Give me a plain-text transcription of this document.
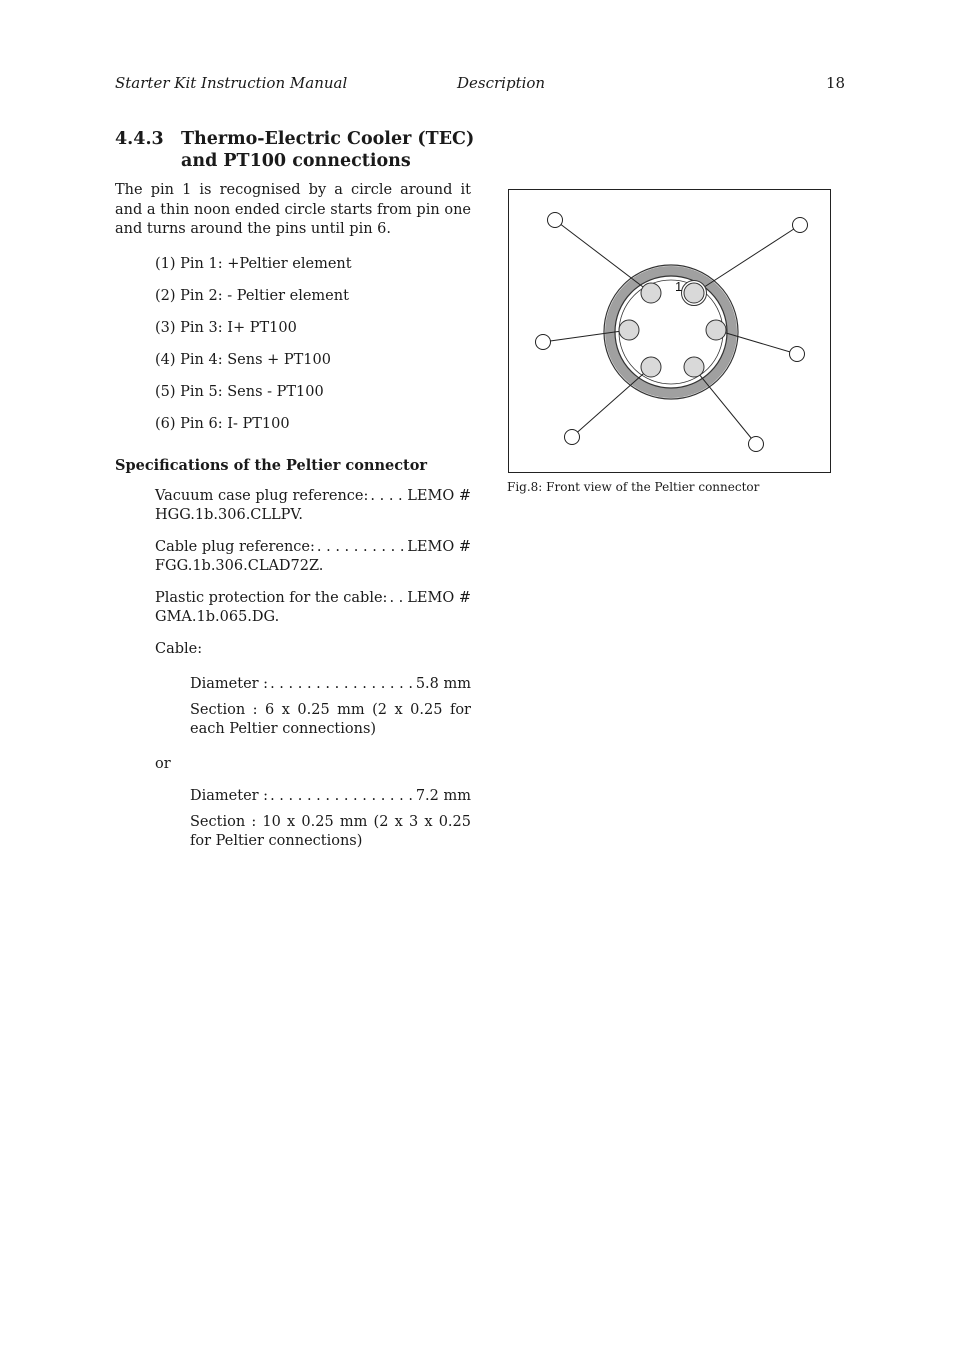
Starter Kit Instruction Manual	Description	18
4.4.3 Thermo-Electric Cooler (TEC) and PT100 connections
The pin 1 is recognised by a circle around it and a thin noon ended circle starts from pin one and turns around the pins until pin 6.
(1) Pin 1: +Peltier element
(2) Pin 2: - Peltier element
(3) Pin 3: I+ PT100
(4) Pin 4: Sens + PT100
(5) Pin 5: Sens - PT100
(6) Pin 6: I- PT100
Specifications of the Peltier connector
Vacuum case plug reference: . . .	LEMO #
HGG.1b.306.CLLPV.
Cable plug reference: . . .	LEMO #
FGG.1b.306.CLAD72Z.
Plastic protection for the cable: . . . LEMO #
GMA.1b.065.DG.
Cable:
Diameter : . . .	5.8 mm
Section : 6 x 0.25 mm (2 x 0.25 for each Peltier connections)
or
Diameter : . . .	7.2 mm
Section : 10 x 0.25 mm (2 x 3 x 0.25 for Peltier connections)
1
Fig.8: Front view of the Peltier connector
